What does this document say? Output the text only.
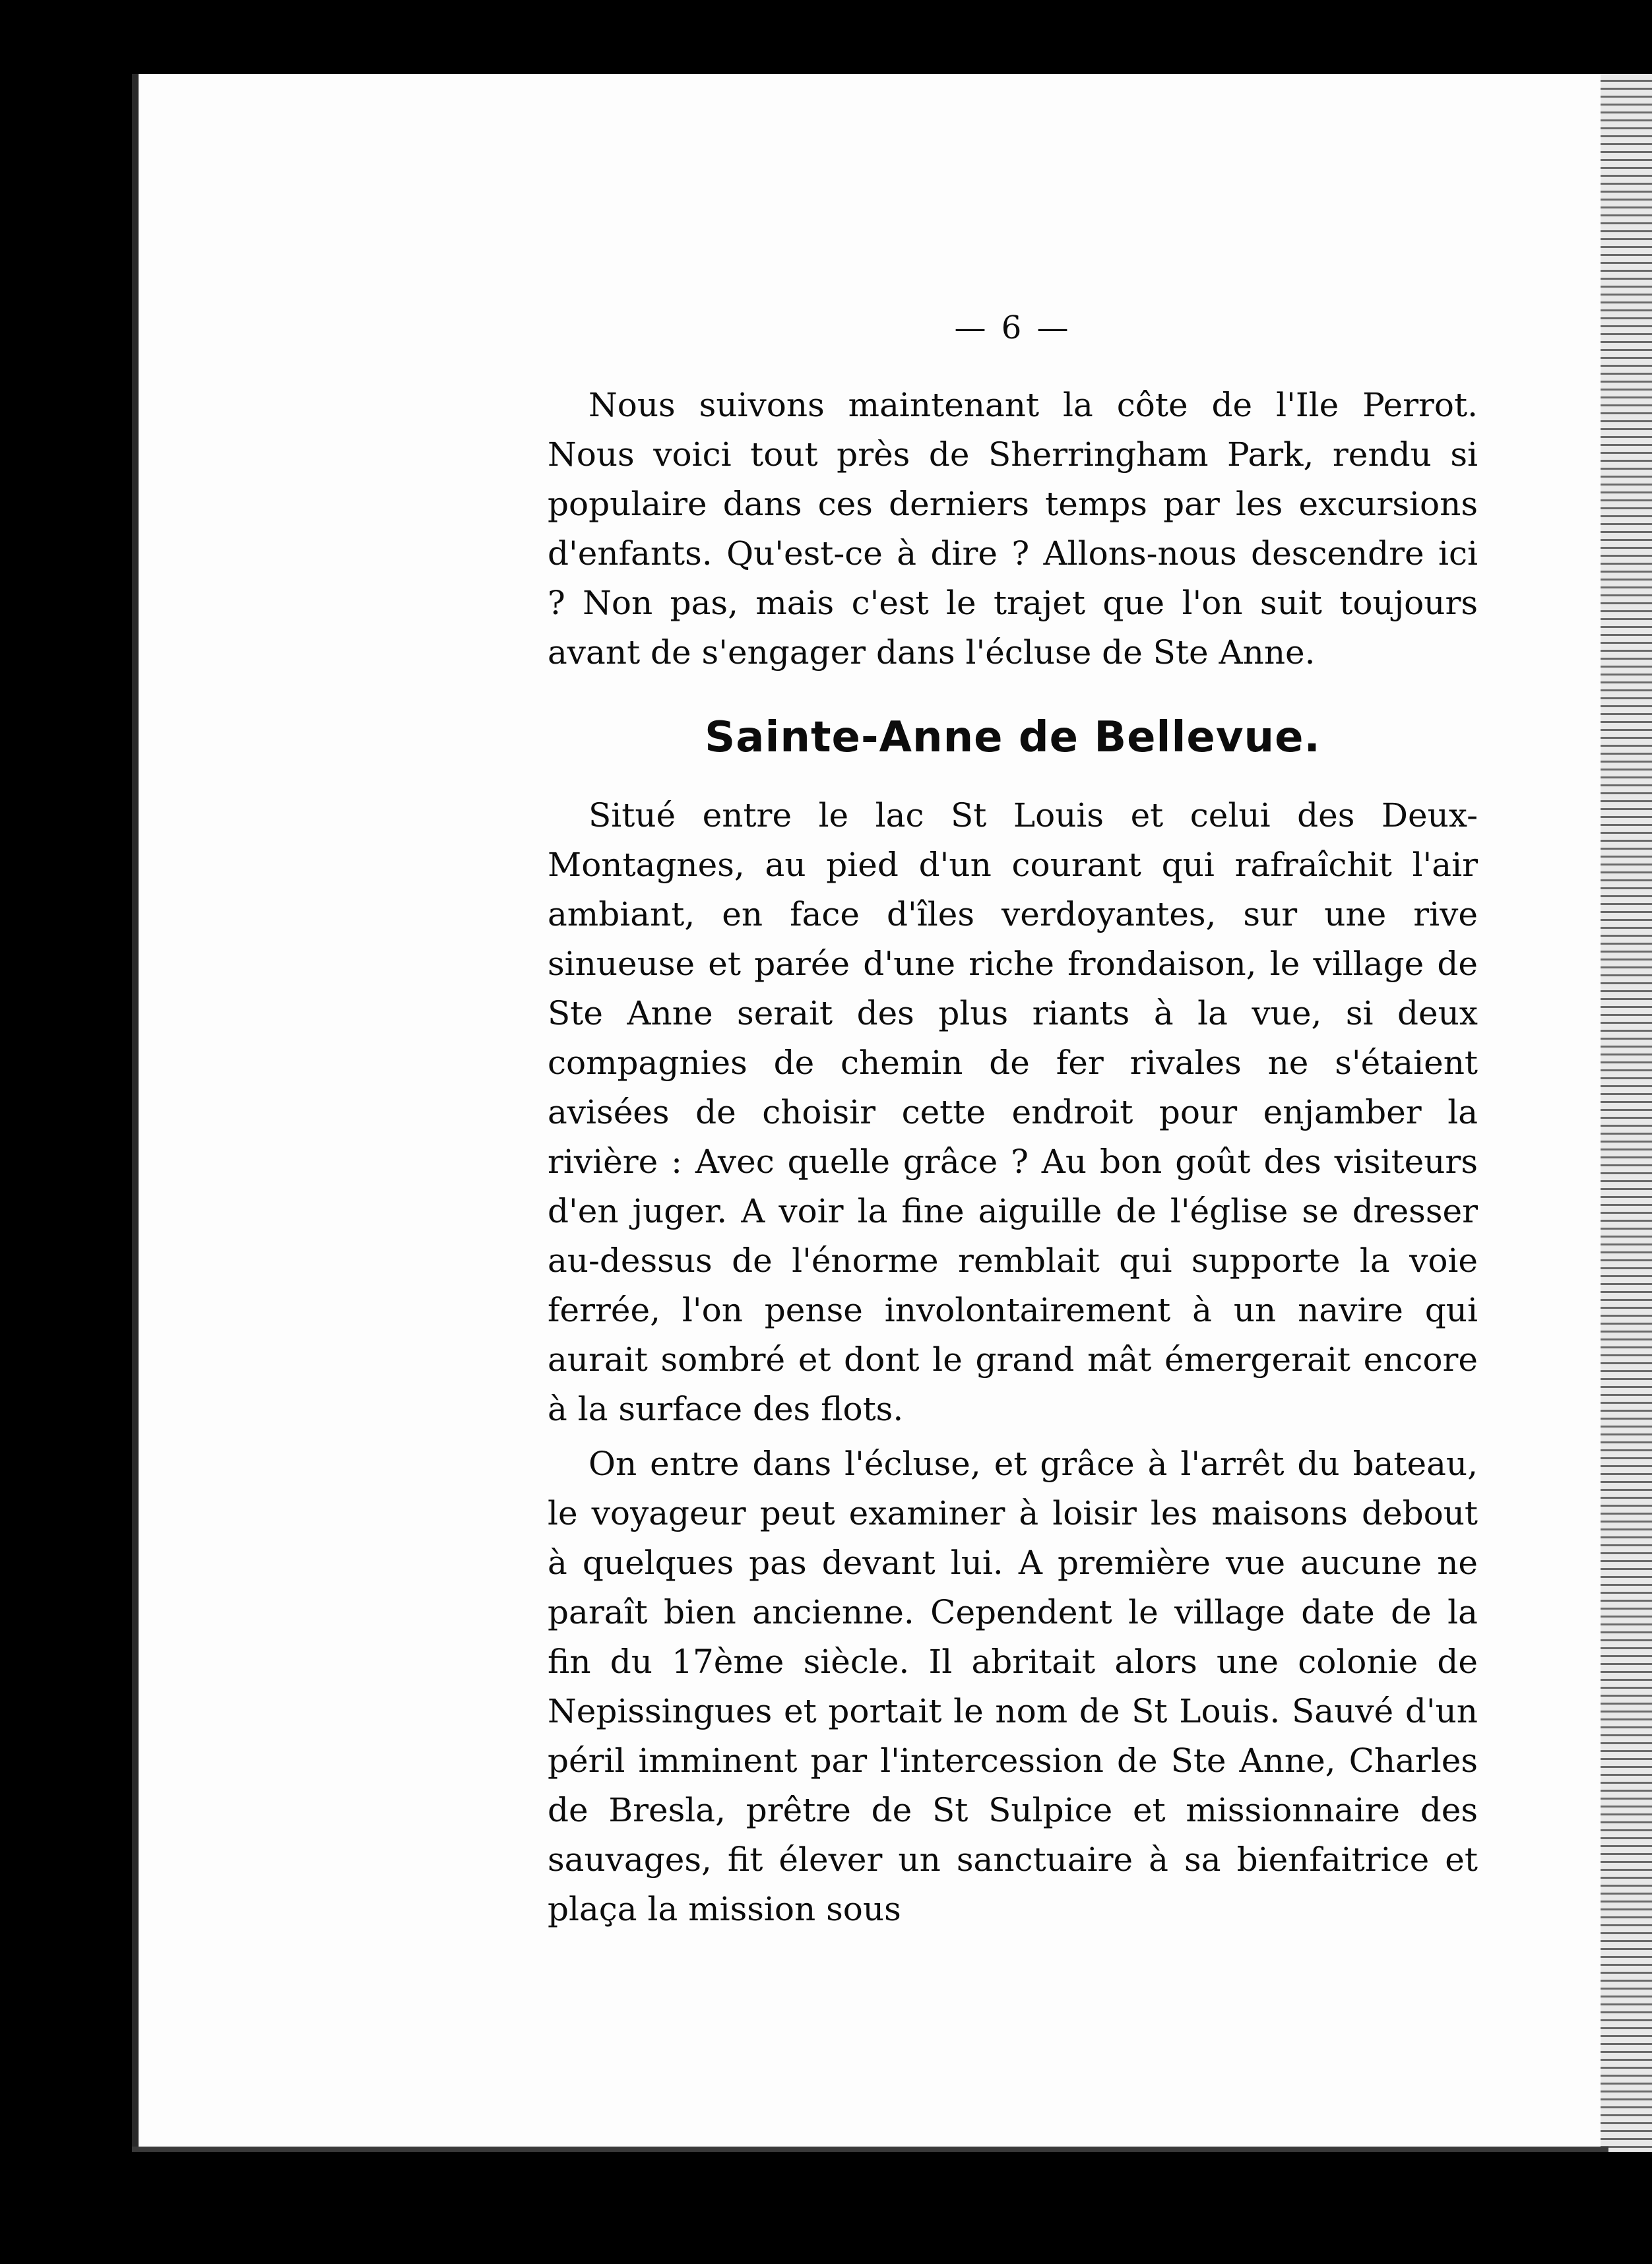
— 6 —

Nous suivons maintenant la côte de l'Ile Perrot. Nous voici tout près de Sherringham Park, rendu si populaire dans ces derniers temps par les excursions d'enfants. Qu'est-ce à dire ? Allons-nous descendre ici ? Non pas, mais c'est le trajet que l'on suit toujours avant de s'engager dans l'écluse de Ste Anne.

Sainte-Anne de Bellevue.

Situé entre le lac St Louis et celui des Deux-Montagnes, au pied d'un courant qui rafraîchit l'air ambiant, en face d'îles verdoyantes, sur une rive sinueuse et parée d'une riche frondaison, le village de Ste Anne serait des plus riants à la vue, si deux compagnies de chemin de fer rivales ne s'étaient avisées de choisir cette endroit pour enjamber la rivière : Avec quelle grâce ? Au bon goût des visiteurs d'en juger. A voir la fine aiguille de l'église se dresser au-dessus de l'énorme remblait qui supporte la voie ferrée, l'on pense involontairement à un navire qui aurait sombré et dont le grand mât émergerait encore à la surface des flots.

On entre dans l'écluse, et grâce à l'arrêt du bateau, le voyageur peut examiner à loisir les maisons debout à quelques pas devant lui. A première vue aucune ne paraît bien ancienne. Cependent le village date de la fin du 17ème siècle. Il abritait alors une colonie de Nepissingues et portait le nom de St Louis. Sauvé d'un péril imminent par l'intercession de Ste Anne, Charles de Bresla, prêtre de St Sulpice et missionnaire des sauvages, fit élever un sanctuaire à sa bienfaitrice et plaça la mission sous
